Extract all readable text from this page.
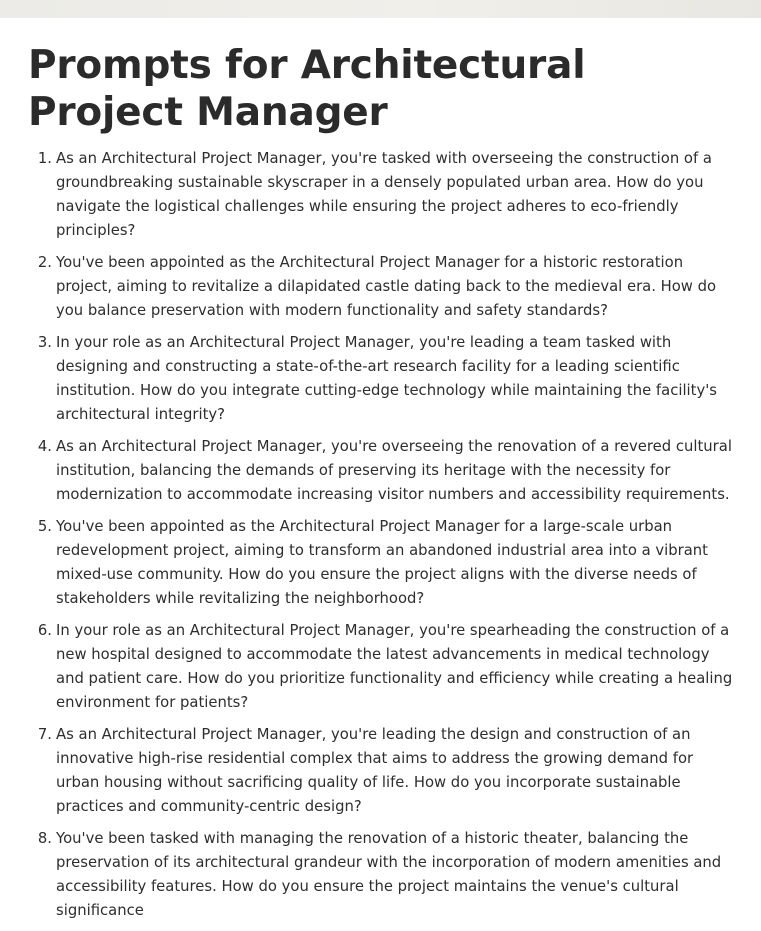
Prompts for Architectural Project Manager
1. As an Architectural Project Manager, you're tasked with overseeing the construction of a groundbreaking sustainable skyscraper in a densely populated urban area. How do you navigate the logistical challenges while ensuring the project adheres to eco-friendly principles?
2. You've been appointed as the Architectural Project Manager for a historic restoration project, aiming to revitalize a dilapidated castle dating back to the medieval era. How do you balance preservation with modern functionality and safety standards?
3. In your role as an Architectural Project Manager, you're leading a team tasked with designing and constructing a state-of-the-art research facility for a leading scientific institution. How do you integrate cutting-edge technology while maintaining the facility's architectural integrity?
4. As an Architectural Project Manager, you're overseeing the renovation of a revered cultural institution, balancing the demands of preserving its heritage with the necessity for modernization to accommodate increasing visitor numbers and accessibility requirements.
5. You've been appointed as the Architectural Project Manager for a large-scale urban redevelopment project, aiming to transform an abandoned industrial area into a vibrant mixed-use community. How do you ensure the project aligns with the diverse needs of stakeholders while revitalizing the neighborhood?
6. In your role as an Architectural Project Manager, you're spearheading the construction of a new hospital designed to accommodate the latest advancements in medical technology and patient care. How do you prioritize functionality and efficiency while creating a healing environment for patients?
7. As an Architectural Project Manager, you're leading the design and construction of an innovative high-rise residential complex that aims to address the growing demand for urban housing without sacrificing quality of life. How do you incorporate sustainable practices and community-centric design?
8. You've been tasked with managing the renovation of a historic theater, balancing the preservation of its architectural grandeur with the incorporation of modern amenities and accessibility features. How do you ensure the project maintains the venue's cultural significance
